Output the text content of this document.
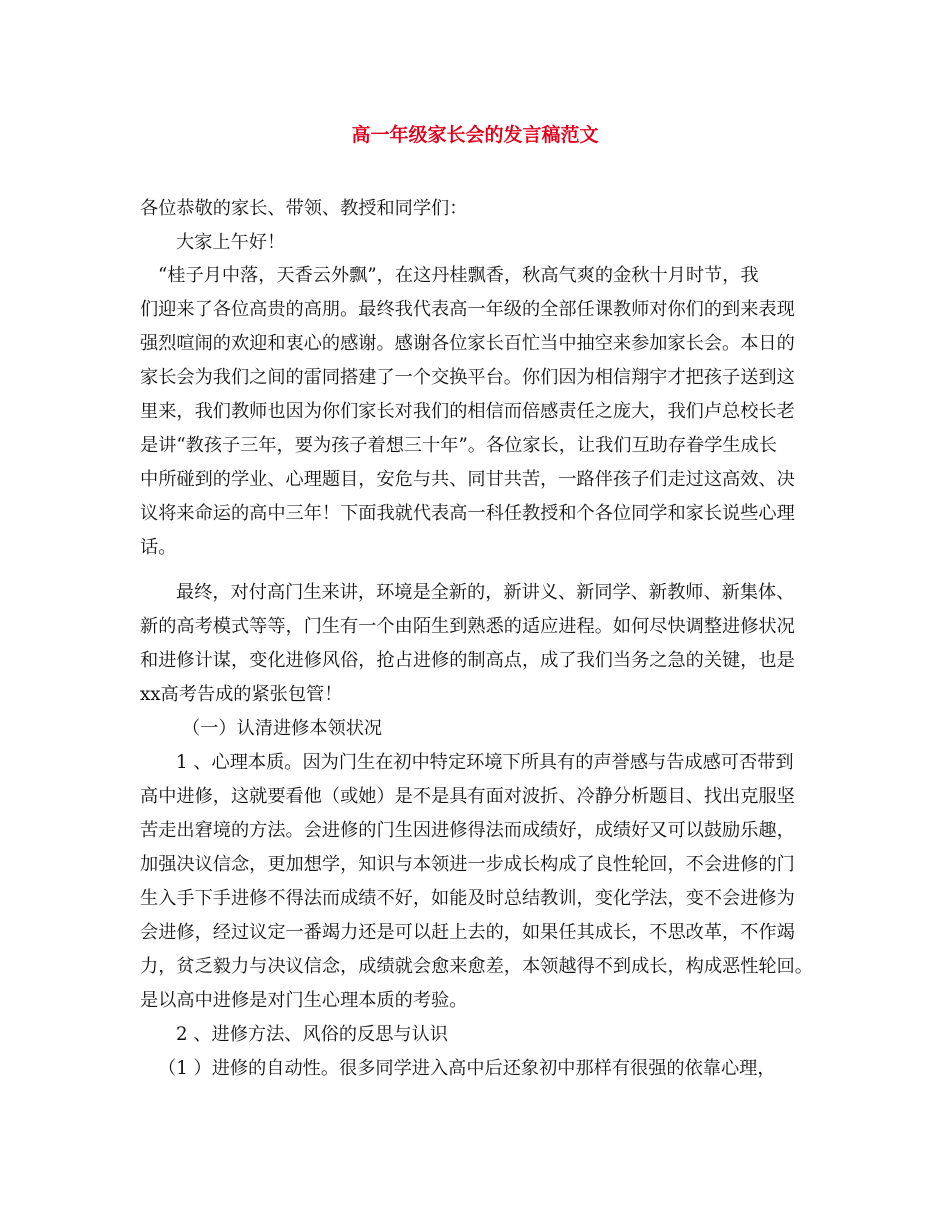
高一年级家长会的发言稿范文

各位恭敬的家长、带领、教授和同学们：

大家上午好！

“桂子月中落，天香云外飘”，在这丹桂飘香，秋高气爽的金秋十月时节，我

们迎来了各位高贵的高朋。最终我代表高一年级的全部任课教师对你们的到来表现

强烈喧闹的欢迎和衷心的感谢。感谢各位家长百忙当中抽空来参加家长会。本日的

家长会为我们之间的雷同搭建了一个交换平台。你们因为相信翔宇才把孩子送到这

里来，我们教师也因为你们家长对我们的相信而倍感责任之庞大，我们卢总校长老

是讲“教孩子三年，要为孩子着想三十年”。各位家长，让我们互助存眷学生成长

中所碰到的学业、心理题目，安危与共、同甘共苦，一路伴孩子们走过这高效、决

议将来命运的高中三年！下面我就代表高一科任教授和个各位同学和家长说些心理

话。

最终，对付高门生来讲，环境是全新的，新讲义、新同学、新教师、新集体、

新的高考模式等等，门生有一个由陌生到熟悉的适应进程。如何尽快调整进修状况

和进修计谋，变化进修风俗，抢占进修的制高点，成了我们当务之急的关键，也是

xx高考告成的紧张包管！

（一）认清进修本领状况

1 、心理本质。因为门生在初中特定环境下所具有的声誉感与告成感可否带到

高中进修，这就要看他（或她）是不是具有面对波折、冷静分析题目、找出克服坚

苦走出窘境的方法。会进修的门生因进修得法而成绩好，成绩好又可以鼓励乐趣，

加强决议信念，更加想学，知识与本领进一步成长构成了良性轮回，不会进修的门

生入手下手进修不得法而成绩不好，如能及时总结教训，变化学法，变不会进修为

会进修，经过议定一番竭力还是可以赶上去的，如果任其成长，不思改革，不作竭

力，贫乏毅力与决议信念，成绩就会愈来愈差，本领越得不到成长，构成恶性轮回。

是以高中进修是对门生心理本质的考验。

2 、进修方法、风俗的反思与认识

（1 ）进修的自动性。很多同学进入高中后还象初中那样有很强的依靠心理，
